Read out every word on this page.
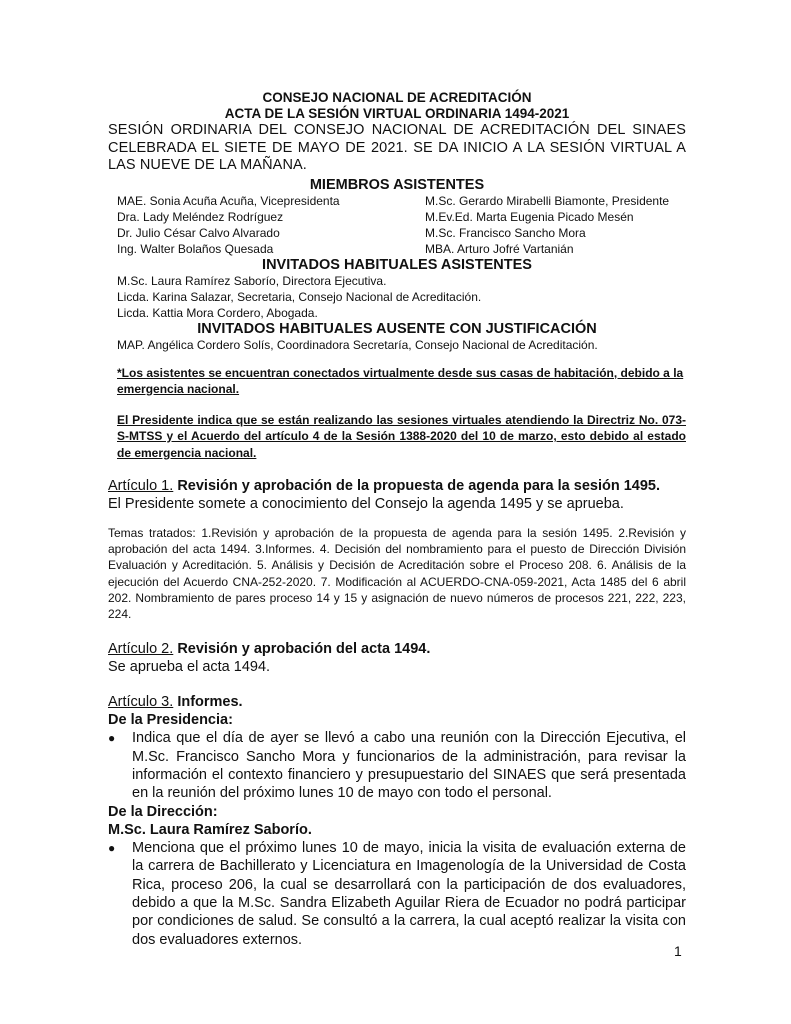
CONSEJO NACIONAL DE ACREDITACIÓN
ACTA DE LA SESIÓN VIRTUAL ORDINARIA 1494-2021
SESIÓN ORDINARIA DEL CONSEJO NACIONAL DE ACREDITACIÓN DEL SINAES CELEBRADA EL SIETE DE MAYO DE 2021. SE DA INICIO A LA SESIÓN VIRTUAL A LAS NUEVE DE LA MAÑANA.
MIEMBROS ASISTENTES
MAE. Sonia Acuña Acuña, Vicepresidenta	M.Sc. Gerardo Mirabelli Biamonte, Presidente
Dra. Lady Meléndez Rodríguez	M.Ev.Ed. Marta Eugenia Picado Mesén
Dr. Julio César Calvo Alvarado	M.Sc. Francisco Sancho Mora
Ing. Walter Bolaños Quesada	MBA. Arturo Jofré Vartanián
INVITADOS HABITUALES ASISTENTES
M.Sc. Laura Ramírez Saborío, Directora Ejecutiva.
Licda. Karina Salazar, Secretaria, Consejo Nacional de Acreditación.
Licda. Kattia Mora Cordero, Abogada.
INVITADOS HABITUALES AUSENTE CON JUSTIFICACIÓN
MAP. Angélica Cordero Solís, Coordinadora Secretaría, Consejo Nacional de Acreditación.
*Los asistentes se encuentran conectados virtualmente desde sus casas de habitación, debido a la emergencia nacional.
El Presidente indica que se están realizando las sesiones virtuales atendiendo la Directriz No. 073-S-MTSS y el Acuerdo del artículo 4 de la Sesión 1388-2020 del 10 de marzo, esto debido al estado de emergencia nacional.
Artículo 1. Revisión y aprobación de la propuesta de agenda para la sesión 1495.
El Presidente somete a conocimiento del Consejo la agenda 1495 y se aprueba.
Temas tratados: 1.Revisión y aprobación de la propuesta de agenda para la sesión 1495. 2.Revisión y aprobación del acta 1494. 3.Informes. 4. Decisión del nombramiento para el puesto de Dirección División Evaluación y Acreditación. 5. Análisis y Decisión de Acreditación sobre el Proceso 208. 6. Análisis de la ejecución del Acuerdo CNA-252-2020. 7. Modificación al ACUERDO-CNA-059-2021, Acta 1485 del 6 abril 202. Nombramiento de pares proceso 14 y 15 y asignación de nuevo números de procesos 221, 222, 223, 224.
Artículo 2. Revisión y aprobación del acta 1494.
Se aprueba el acta 1494.
Artículo 3. Informes.
De la Presidencia:
●	Indica que el día de ayer se llevó a cabo una reunión con la Dirección Ejecutiva, el M.Sc. Francisco Sancho Mora y funcionarios de la administración, para revisar la información el contexto financiero y presupuestario del SINAES que será presentada en la reunión del próximo lunes 10 de mayo con todo el personal.
De la Dirección:
M.Sc. Laura Ramírez Saborío.
●	Menciona que el próximo lunes 10 de mayo, inicia la visita de evaluación externa de la carrera de Bachillerato y Licenciatura en Imagenología de la Universidad de Costa Rica, proceso 206, la cual se desarrollará con la participación de dos evaluadores, debido a que la M.Sc. Sandra Elizabeth Aguilar Riera de Ecuador no podrá participar por condiciones de salud. Se consultó a la carrera, la cual aceptó realizar la visita con dos evaluadores externos.
1
